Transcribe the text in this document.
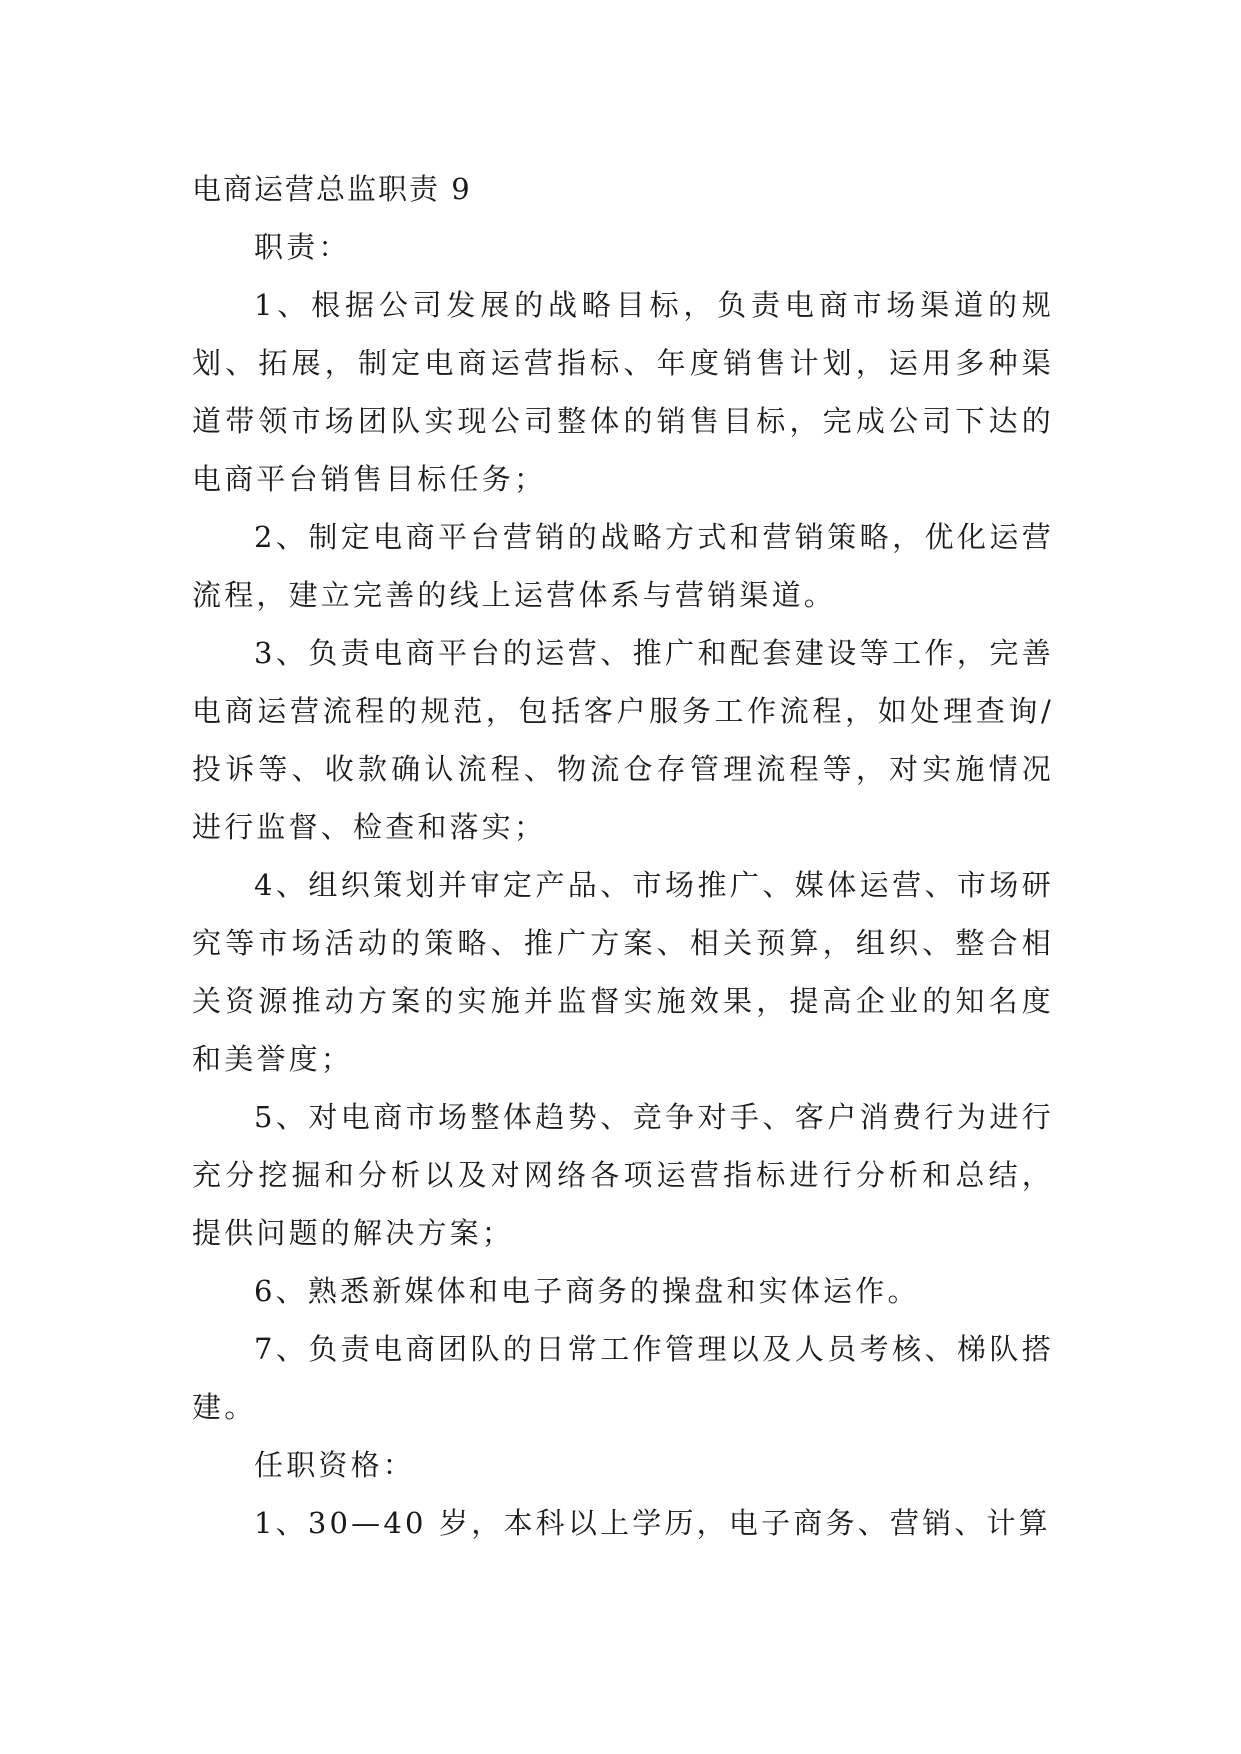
电商运营总监职责 9

职责：

1、根据公司发展的战略目标，负责电商市场渠道的规划、拓展，制定电商运营指标、年度销售计划，运用多种渠道带领市场团队实现公司整体的销售目标，完成公司下达的电商平台销售目标任务；

2、制定电商平台营销的战略方式和营销策略，优化运营流程，建立完善的线上运营体系与营销渠道。

3、负责电商平台的运营、推广和配套建设等工作，完善电商运营流程的规范，包括客户服务工作流程，如处理查询/投诉等、收款确认流程、物流仓存管理流程等，对实施情况进行监督、检查和落实；

4、组织策划并审定产品、市场推广、媒体运营、市场研究等市场活动的策略、推广方案、相关预算，组织、整合相关资源推动方案的实施并监督实施效果，提高企业的知名度和美誉度；

5、对电商市场整体趋势、竞争对手、客户消费行为进行充分挖掘和分析以及对网络各项运营指标进行分析和总结，提供问题的解决方案；

6、熟悉新媒体和电子商务的操盘和实体运作。

7、负责电商团队的日常工作管理以及人员考核、梯队搭建。

任职资格：

1、30—40 岁，本科以上学历，电子商务、营销、计算
